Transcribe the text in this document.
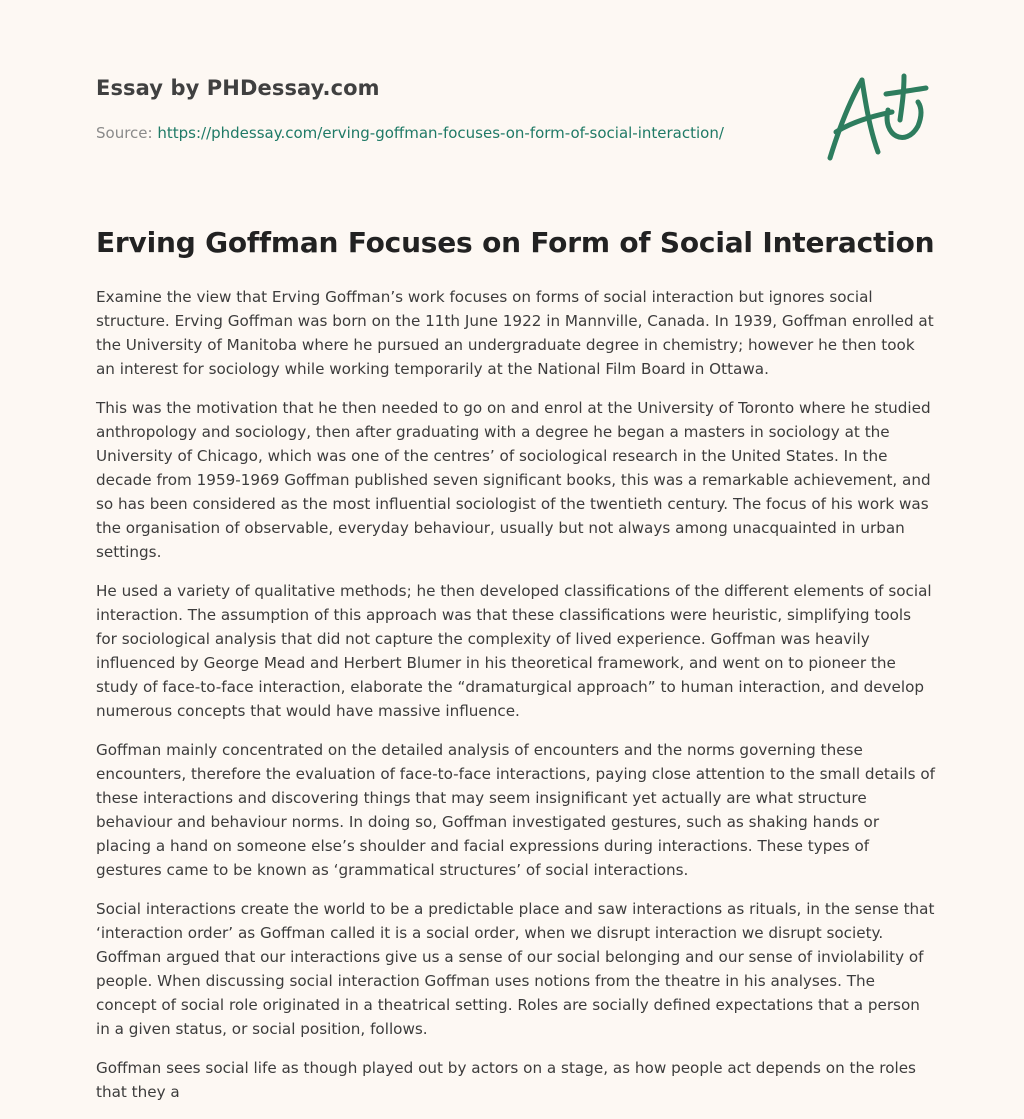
Essay by PHDessay.com

Source: https://phdessay.com/erving-goffman-focuses-on-form-of-social-interaction/

Erving Goffman Focuses on Form of Social Interaction

Examine the view that Erving Goffman’s work focuses on forms of social interaction but ignores social structure. Erving Goffman was born on the 11th June 1922 in Mannville, Canada. In 1939, Goffman enrolled at the University of Manitoba where he pursued an undergraduate degree in chemistry; however he then took an interest for sociology while working temporarily at the National Film Board in Ottawa.

This was the motivation that he then needed to go on and enrol at the University of Toronto where he studied anthropology and sociology, then after graduating with a degree he began a masters in sociology at the University of Chicago, which was one of the centres’ of sociological research in the United States. In the decade from 1959-1969 Goffman published seven significant books, this was a remarkable achievement, and so has been considered as the most influential sociologist of the twentieth century. The focus of his work was the organisation of observable, everyday behaviour, usually but not always among unacquainted in urban settings.

He used a variety of qualitative methods; he then developed classifications of the different elements of social interaction. The assumption of this approach was that these classifications were heuristic, simplifying tools for sociological analysis that did not capture the complexity of lived experience. Goffman was heavily influenced by George Mead and Herbert Blumer in his theoretical framework, and went on to pioneer the study of face-to-face interaction, elaborate the “dramaturgical approach” to human interaction, and develop numerous concepts that would have massive influence.

Goffman mainly concentrated on the detailed analysis of encounters and the norms governing these encounters, therefore the evaluation of face-to-face interactions, paying close attention to the small details of these interactions and discovering things that may seem insignificant yet actually are what structure behaviour and behaviour norms. In doing so, Goffman investigated gestures, such as shaking hands or placing a hand on someone else’s shoulder and facial expressions during interactions. These types of gestures came to be known as ‘grammatical structures’ of social interactions.

Social interactions create the world to be a predictable place and saw interactions as rituals, in the sense that ‘interaction order’ as Goffman called it is a social order, when we disrupt interaction we disrupt society. Goffman argued that our interactions give us a sense of our social belonging and our sense of inviolability of people. When discussing social interaction Goffman uses notions from the theatre in his analyses. The concept of social role originated in a theatrical setting. Roles are socially defined expectations that a person in a given status, or social position, follows.

Goffman sees social life as though played out by actors on a stage, as how people act depends on the roles that they a
